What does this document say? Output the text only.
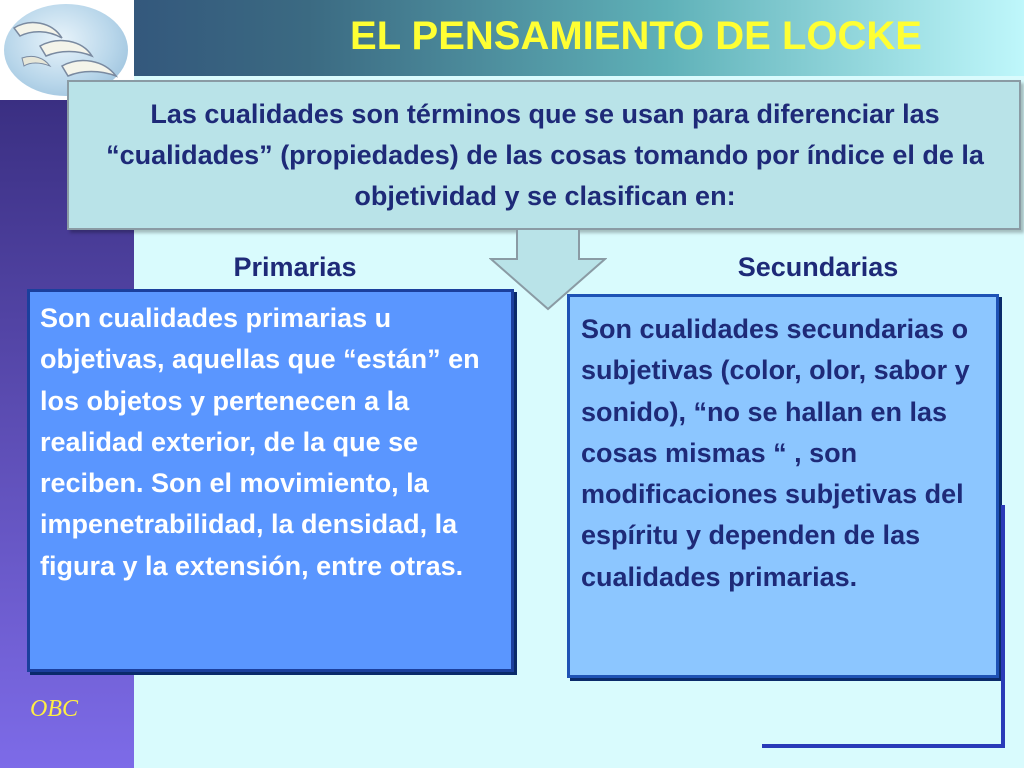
EL PENSAMIENTO DE LOCKE

Las cualidades son términos que se usan para diferenciar las “cualidades” (propiedades) de las cosas tomando por índice el de la objetividad y se clasifican en:

Primarias	Secundarias
Son cualidades primarias u objetivas, aquellas que “están” en los objetos y pertenecen a la realidad exterior, de la que se reciben. Son el movimiento, la impenetrabilidad, la densidad, la figura y la extensión, entre otras.
Son cualidades secundarias o subjetivas (color, olor, sabor y sonido), “no se hallan en las cosas mismas “ , son modificaciones subjetivas del espíritu y dependen de las cualidades primarias.
OBC
